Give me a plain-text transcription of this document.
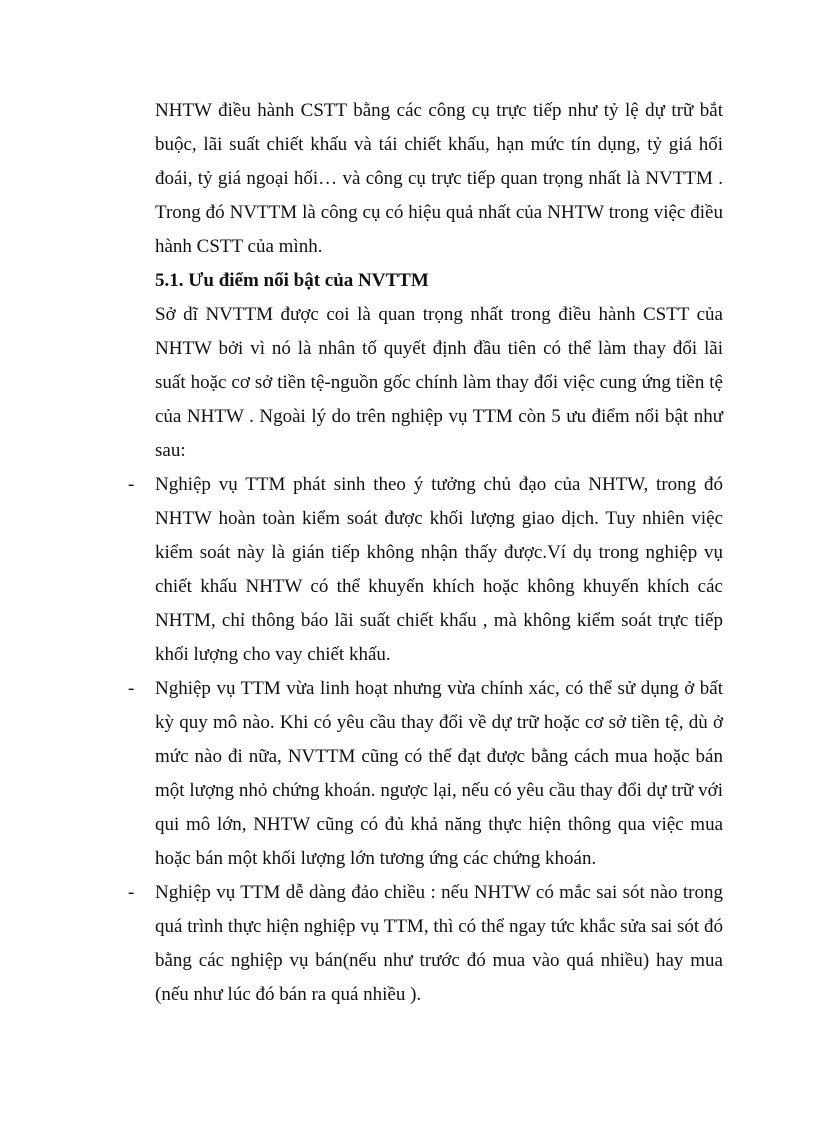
NHTW điều hành CSTT bằng các công cụ trực tiếp như tỷ lệ dự trữ bắt buộc, lãi suất chiết khấu và tái chiết khấu, hạn mức tín dụng, tỷ giá hối đoái, tỷ giá ngoại hối… và công cụ trực tiếp quan trọng nhất là NVTTM . Trong đó NVTTM là công cụ có hiệu quả nhất của NHTW trong việc điều hành CSTT của mình.

5.1. Ưu điểm nổi bật của NVTTM

Sở dĩ NVTTM được coi là quan trọng nhất trong điều hành CSTT của NHTW bởi vì nó là nhân tố quyết định đầu tiên có thể làm thay đổi lãi suất hoặc cơ sở tiền tệ-nguồn gốc chính làm thay đổi việc cung ứng tiền tệ của NHTW . Ngoài lý do trên nghiệp vụ TTM còn 5 ưu điểm nổi bật như sau:

- Nghiệp vụ TTM phát sinh theo ý tưởng chủ đạo của NHTW, trong đó NHTW hoàn toàn kiểm soát được khối lượng giao dịch. Tuy nhiên việc kiểm soát này là gián tiếp không nhận thấy được.Ví dụ trong nghiệp vụ chiết khấu NHTW có thể khuyến khích hoặc không khuyến khích các NHTM, chỉ thông báo lãi suất chiết khấu , mà không kiểm soát trực tiếp khối lượng cho vay chiết khấu.

- Nghiệp vụ TTM vừa linh hoạt nhưng vừa chính xác, có thể sử dụng ở bất kỳ quy mô nào. Khi có yêu cầu thay đổi về dự trữ hoặc cơ sở tiền tệ, dù ở mức nào đi nữa, NVTTM cũng có thể đạt được bằng cách mua hoặc bán một lượng nhỏ chứng khoán. ngược lại, nếu có yêu cầu thay đổi dự trữ với qui mô lớn, NHTW cũng có đủ khả năng thực hiện thông qua việc mua hoặc bán một khối lượng lớn tương ứng các chứng khoán.

- Nghiệp vụ TTM dễ dàng đảo chiều : nếu NHTW có mắc sai sót nào trong quá trình thực hiện nghiệp vụ TTM, thì có thể ngay tức khắc sửa sai sót đó bằng các nghiệp vụ bán(nếu như trước đó mua vào quá nhiều) hay mua (nếu như lúc đó bán ra quá nhiều ).
